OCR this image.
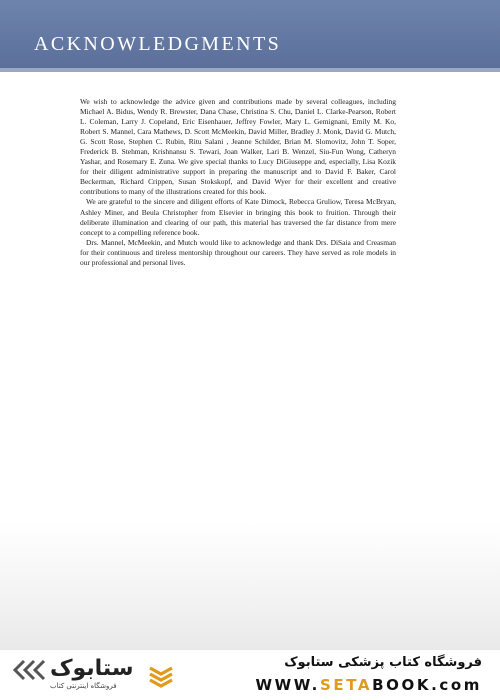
ACKNOWLEDGMENTS

We wish to acknowledge the advice given and contributions made by several colleagues, including Michael A. Bidus, Wendy R. Brewster, Dana Chase, Christina S. Chu, Daniel L. Clarke-Pearson, Robert L. Coleman, Larry J. Copeland, Eric Eisenhauer, Jeffrey Fowler, Mary L. Gemignani, Emily M. Ko, Robert S. Mannel, Cara Mathews, D. Scott McMeekin, David Miller, Bradley J. Monk, David G. Mutch, G. Scott Rose, Stephen C. Rubin, Ritu Salani , Jeanne Schilder, Brian M. Slomovitz, John T. Soper, Frederick B. Stehman, Krishnansu S. Tewari, Joan Walker, Lari B. Wenzel, Siu-Fun Wong, Catheryn Yashar, and Rosemary E. Zuna. We give special thanks to Lucy DiGiuseppe and, especially, Lisa Kozik for their diligent administrative support in preparing the manuscript and to David F. Baker, Carol Beckerman, Richard Crippen, Susan Stokskopf, and David Wyer for their excellent and creative contributions to many of the illustrations created for this book.

We are grateful to the sincere and diligent efforts of Kate Dimock, Rebecca Gruliow, Teresa McBryan, Ashley Miner, and Beula Christopher from Elsevier in bringing this book to fruition. Through their deliberate illumination and clearing of our path, this material has traversed the far distance from mere concept to a compelling reference book.

Drs. Mannel, McMeekin, and Mutch would like to acknowledge and thank Drs. DiSaia and Creasman for their continuous and tireless mentorship throughout our careers. They have served as role models in our professional and personal lives.

ستابوک
فروشگاه اینترنتی کتاب
فروشگاه کتاب پزشکی ستابوک
WWW.SETABOOK.com
